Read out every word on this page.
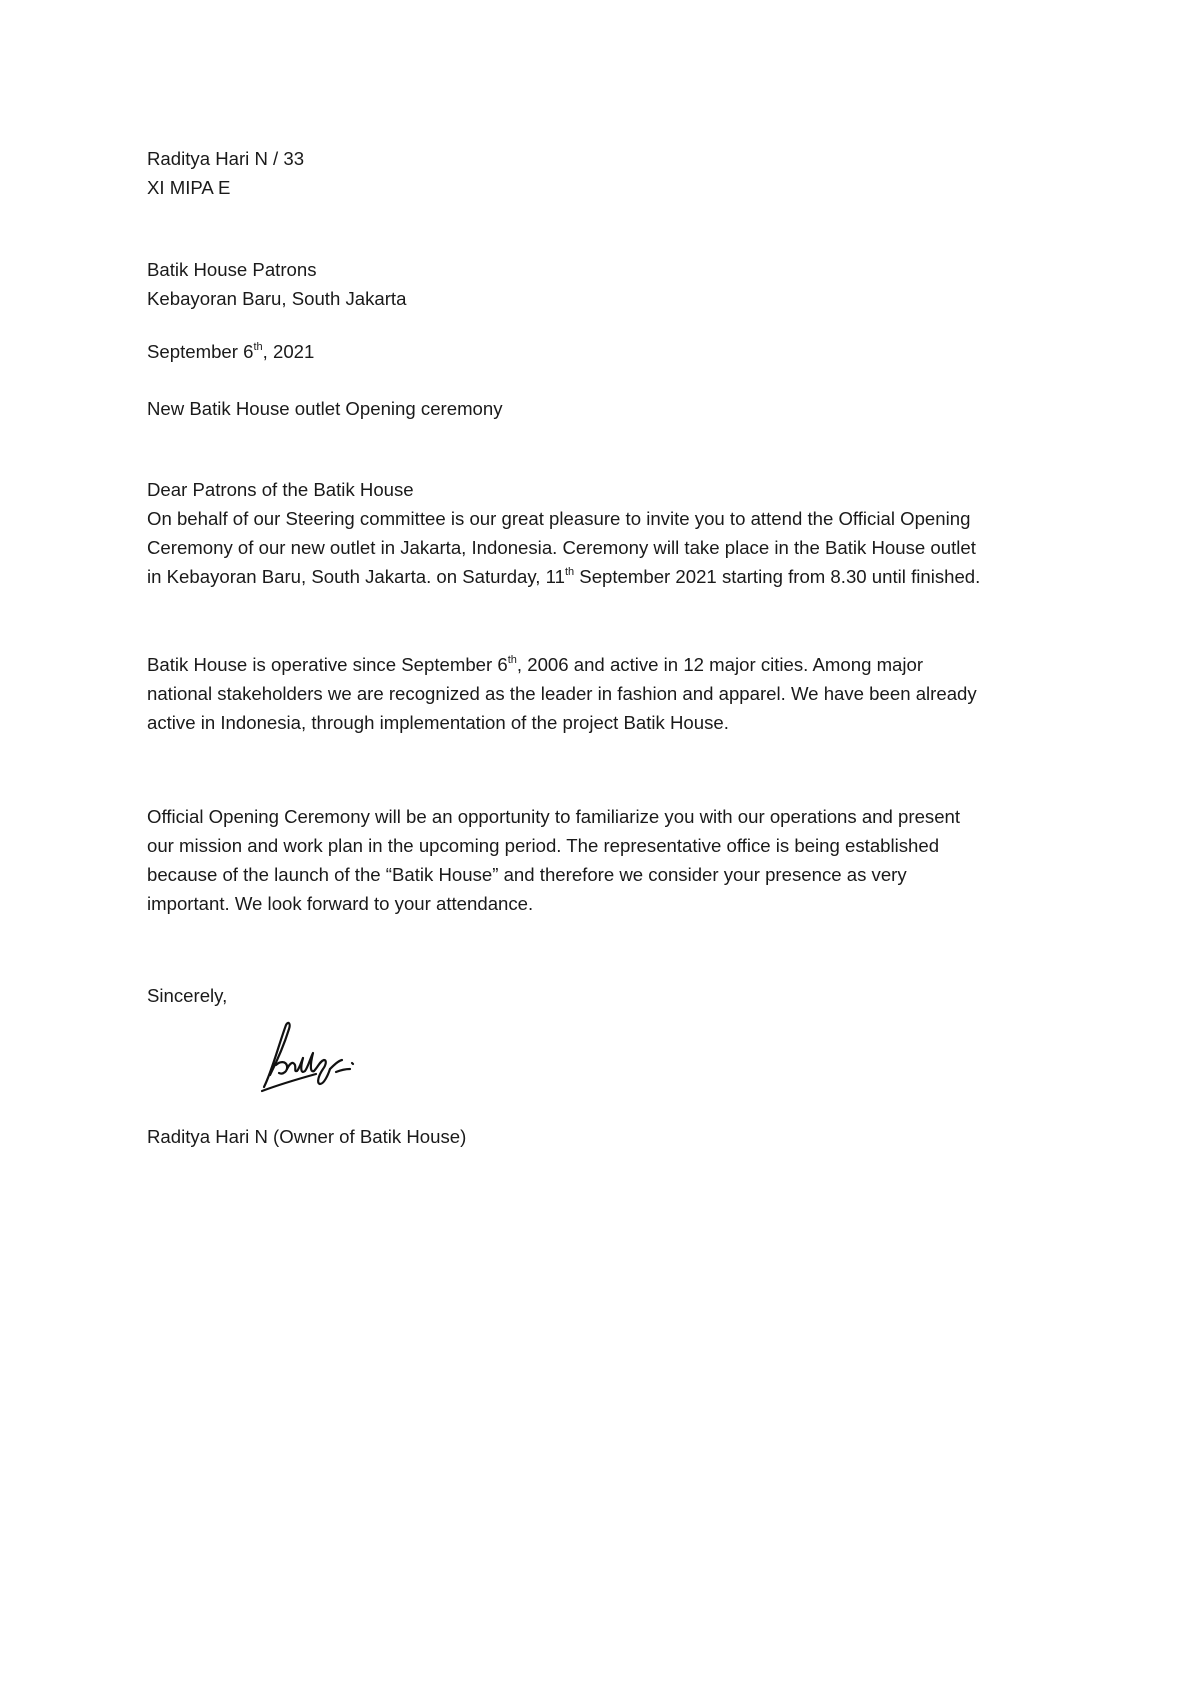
Raditya Hari N / 33
XI MIPA E
Batik House Patrons
Kebayoran Baru, South Jakarta
September 6th, 2021
New Batik House outlet Opening ceremony
Dear Patrons of the Batik House
On behalf of our Steering committee is our great pleasure to invite you to attend the Official Opening
Ceremony of our new outlet in Jakarta, Indonesia. Ceremony will take place in the Batik House outlet
in Kebayoran Baru, South Jakarta. on Saturday, 11th September 2021 starting from 8.30 until finished.
Batik House is operative since September 6th, 2006 and active in 12 major cities. Among major
national stakeholders we are recognized as the leader in fashion and apparel. We have been already
active in Indonesia, through implementation of the project Batik House.
Official Opening Ceremony will be an opportunity to familiarize you with our operations and present
our mission and work plan in the upcoming period. The representative office is being established
because of the launch of the “Batik House” and therefore we consider your presence as very
important. We look forward to your attendance.
Sincerely,
Raditya Hari N (Owner of Batik House)
